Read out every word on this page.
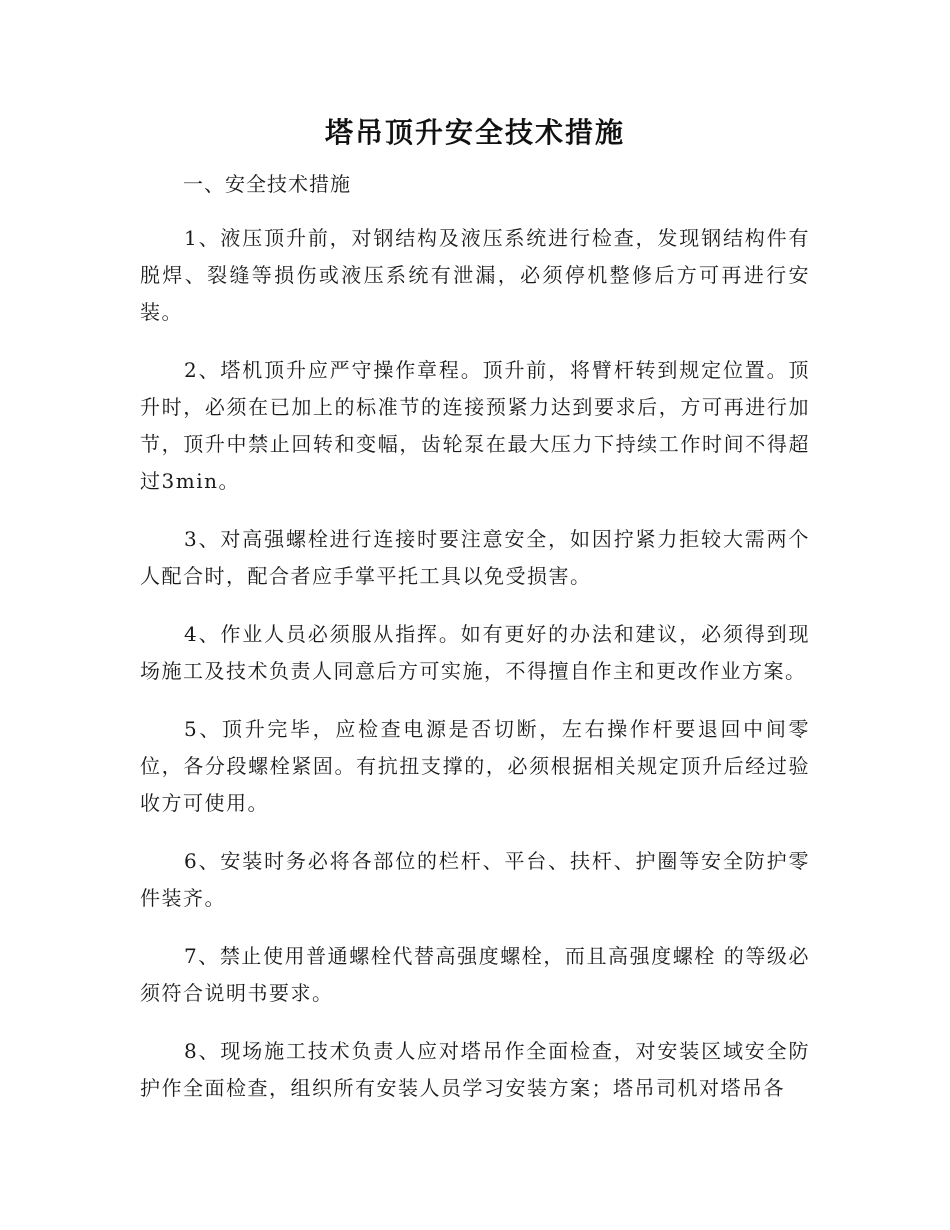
塔吊顶升安全技术措施

一、安全技术措施

1、液压顶升前，对钢结构及液压系统进行检查，发现钢结构件有脱焊、裂缝等损伤或液压系统有泄漏，必须停机整修后方可再进行安装。

2、塔机顶升应严守操作章程。顶升前，将臂杆转到规定位置。顶升时，必须在已加上的标准节的连接预紧力达到要求后，方可再进行加节，顶升中禁止回转和变幅，齿轮泵在最大压力下持续工作时间不得超过3min。

3、对高强螺栓进行连接时要注意安全，如因拧紧力拒较大需两个人配合时，配合者应手掌平托工具以免受损害。

4、作业人员必须服从指挥。如有更好的办法和建议，必须得到现场施工及技术负责人同意后方可实施，不得擅自作主和更改作业方案。

5、顶升完毕，应检查电源是否切断，左右操作杆要退回中间零位，各分段螺栓紧固。有抗扭支撑的，必须根据相关规定顶升后经过验收方可使用。

6、安装时务必将各部位的栏杆、平台、扶杆、护圈等安全防护零件装齐。

7、禁止使用普通螺栓代替高强度螺栓，而且高强度螺栓 的等级必须符合说明书要求。

8、现场施工技术负责人应对塔吊作全面检查，对安装区域安全防护作全面检查，组织所有安装人员学习安装方案；塔吊司机对塔吊各
